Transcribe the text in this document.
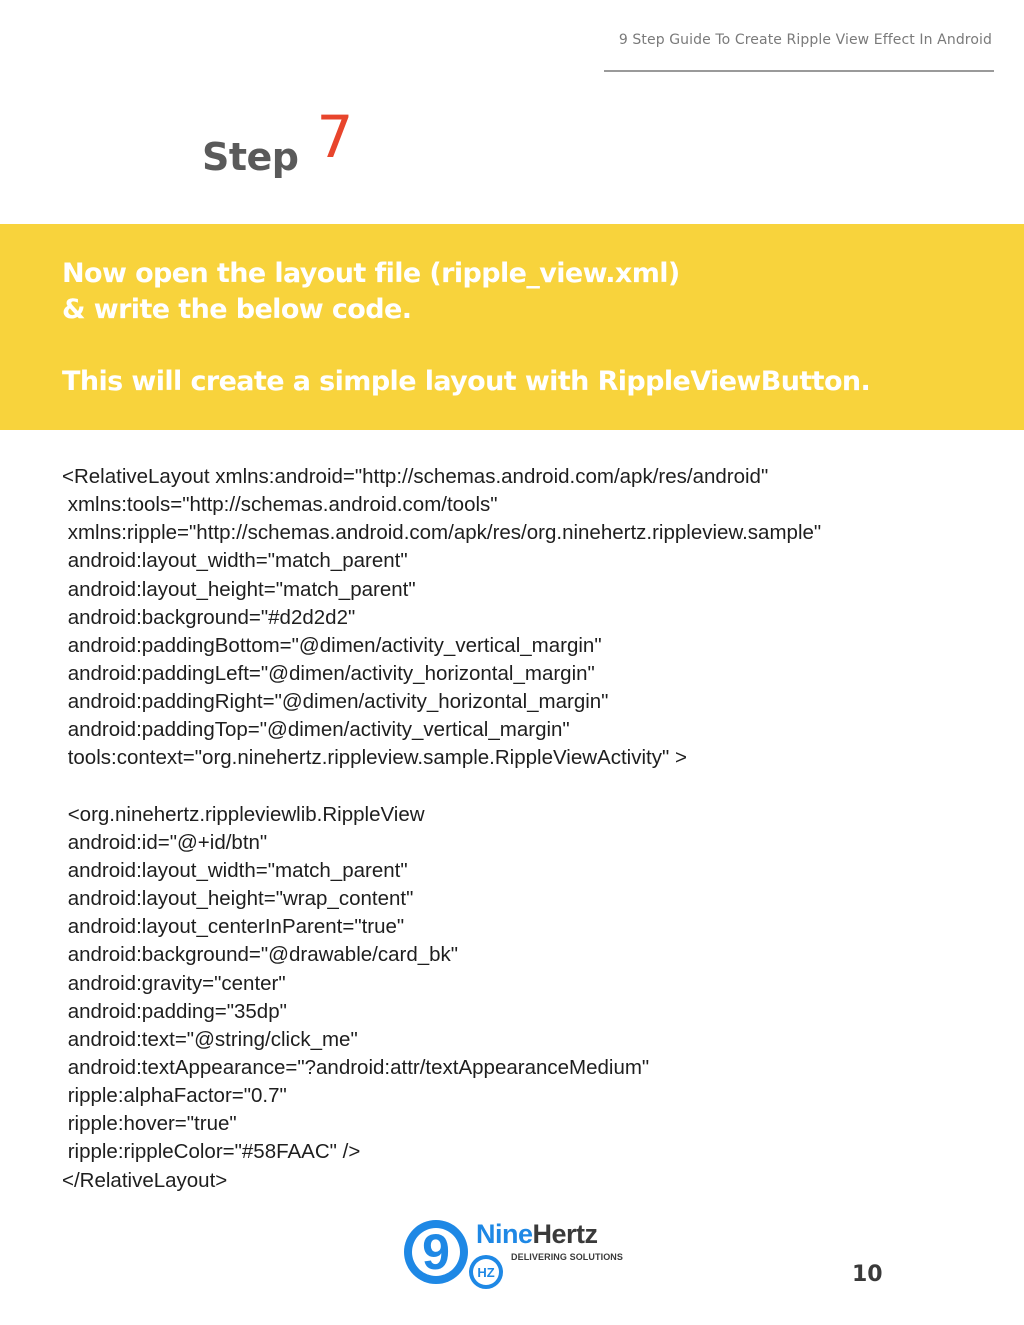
9 Step Guide To Create Ripple View Effect In Android
Step 7
Now open the layout file (ripple_view.xml)
& write the below code.
This will create a simple layout with RippleViewButton.
<RelativeLayout xmlns:android="http://schemas.android.com/apk/res/android"
xmlns:tools="http://schemas.android.com/tools"
xmlns:ripple="http://schemas.android.com/apk/res/org.ninehertz.rippleview.sample"
android:layout_width="match_parent"
android:layout_height="match_parent"
android:background="#d2d2d2"
android:paddingBottom="@dimen/activity_vertical_margin"
android:paddingLeft="@dimen/activity_horizontal_margin"
android:paddingRight="@dimen/activity_horizontal_margin"
android:paddingTop="@dimen/activity_vertical_margin"
tools:context="org.ninehertz.rippleview.sample.RippleViewActivity" >
<org.ninehertz.rippleviewlib.RippleView
android:id="@+id/btn"
android:layout_width="match_parent"
android:layout_height="wrap_content"
android:layout_centerInParent="true"
android:background="@drawable/card_bk"
android:gravity="center"
android:padding="35dp"
android:text="@string/click_me"
android:textAppearance="?android:attr/textAppearanceMedium"
ripple:alphaFactor="0.7"
ripple:hover="true"
ripple:rippleColor="#58FAAC" />
</RelativeLayout>
9 HZ
NineHertz
DELIVERING SOLUTIONS
10
